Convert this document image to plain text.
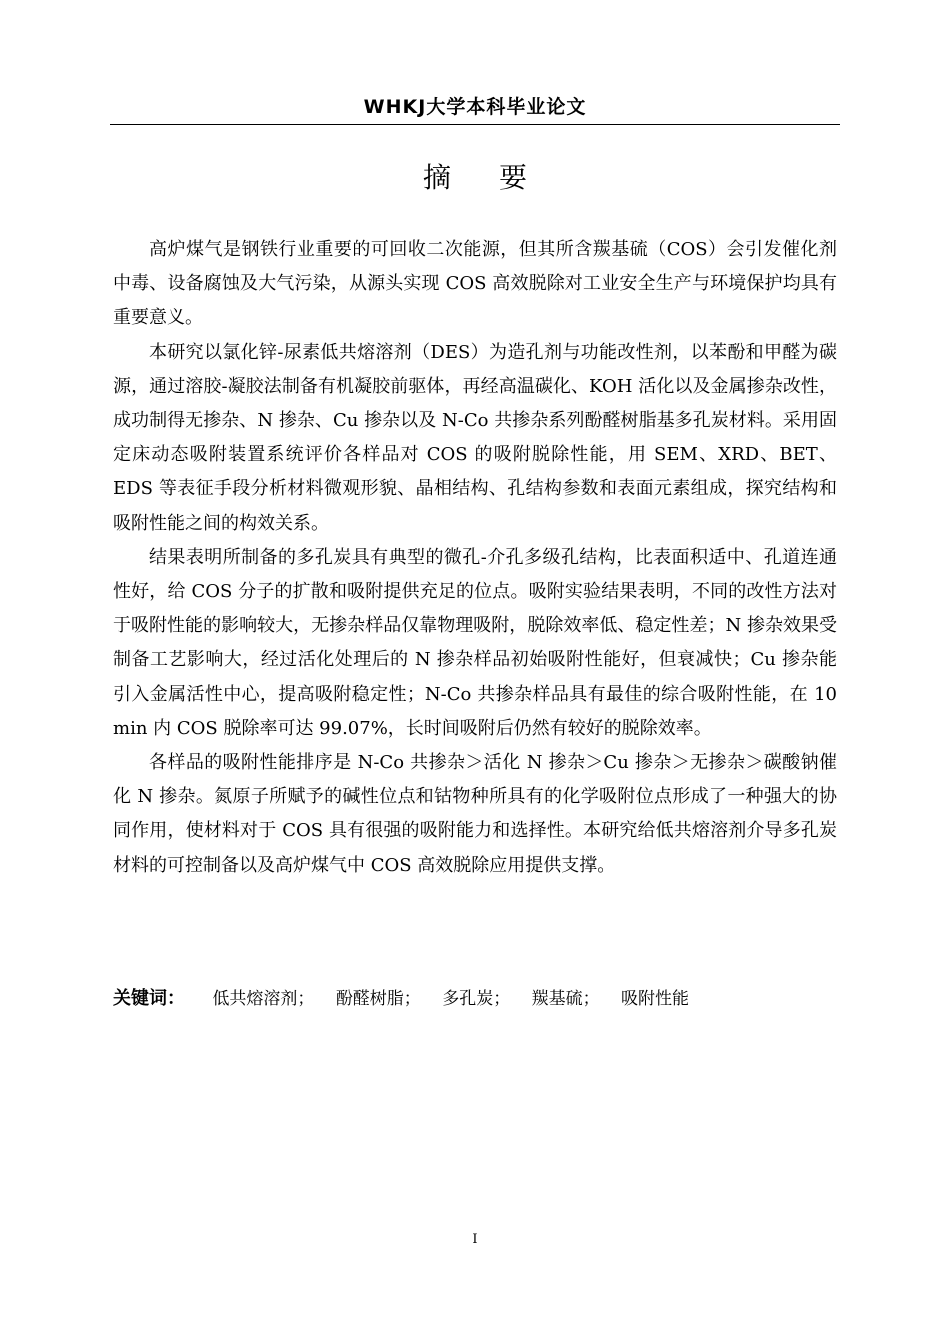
WHKJ大学本科毕业论文
摘要

高炉煤气是钢铁行业重要的可回收二次能源，但其所含羰基硫（COS）会引发催化剂中毒、设备腐蚀及大气污染，从源头实现 COS 高效脱除对工业安全生产与环境保护均具有重要意义。

本研究以氯化锌-尿素低共熔溶剂（DES）为造孔剂与功能改性剂，以苯酚和甲醛为碳源，通过溶胶-凝胶法制备有机凝胶前驱体，再经高温碳化、KOH 活化以及金属掺杂改性，成功制得无掺杂、N 掺杂、Cu 掺杂以及 N-Co 共掺杂系列酚醛树脂基多孔炭材料。采用固定床动态吸附装置系统评价各样品对 COS 的吸附脱除性能，用 SEM、XRD、BET、EDS 等表征手段分析材料微观形貌、晶相结构、孔结构参数和表面元素组成，探究结构和吸附性能之间的构效关系。

结果表明所制备的多孔炭具有典型的微孔-介孔多级孔结构，比表面积适中、孔道连通性好，给 COS 分子的扩散和吸附提供充足的位点。吸附实验结果表明，不同的改性方法对于吸附性能的影响较大，无掺杂样品仅靠物理吸附，脱除效率低、稳定性差；N 掺杂效果受制备工艺影响大，经过活化处理后的 N 掺杂样品初始吸附性能好，但衰减快；Cu 掺杂能引入金属活性中心，提高吸附稳定性；N-Co 共掺杂样品具有最佳的综合吸附性能，在 10 min 内 COS 脱除率可达 99.07%，长时间吸附后仍然有较好的脱除效率。

各样品的吸附性能排序是 N-Co 共掺杂＞活化 N 掺杂＞Cu 掺杂＞无掺杂＞碳酸钠催化 N 掺杂。氮原子所赋予的碱性位点和钴物种所具有的化学吸附位点形成了一种强大的协同作用，使材料对于 COS 具有很强的吸附能力和选择性。本研究给低共熔溶剂介导多孔炭材料的可控制备以及高炉煤气中 COS 高效脱除应用提供支撑。

关键词： 低共熔溶剂； 酚醛树脂； 多孔炭； 羰基硫； 吸附性能
I
